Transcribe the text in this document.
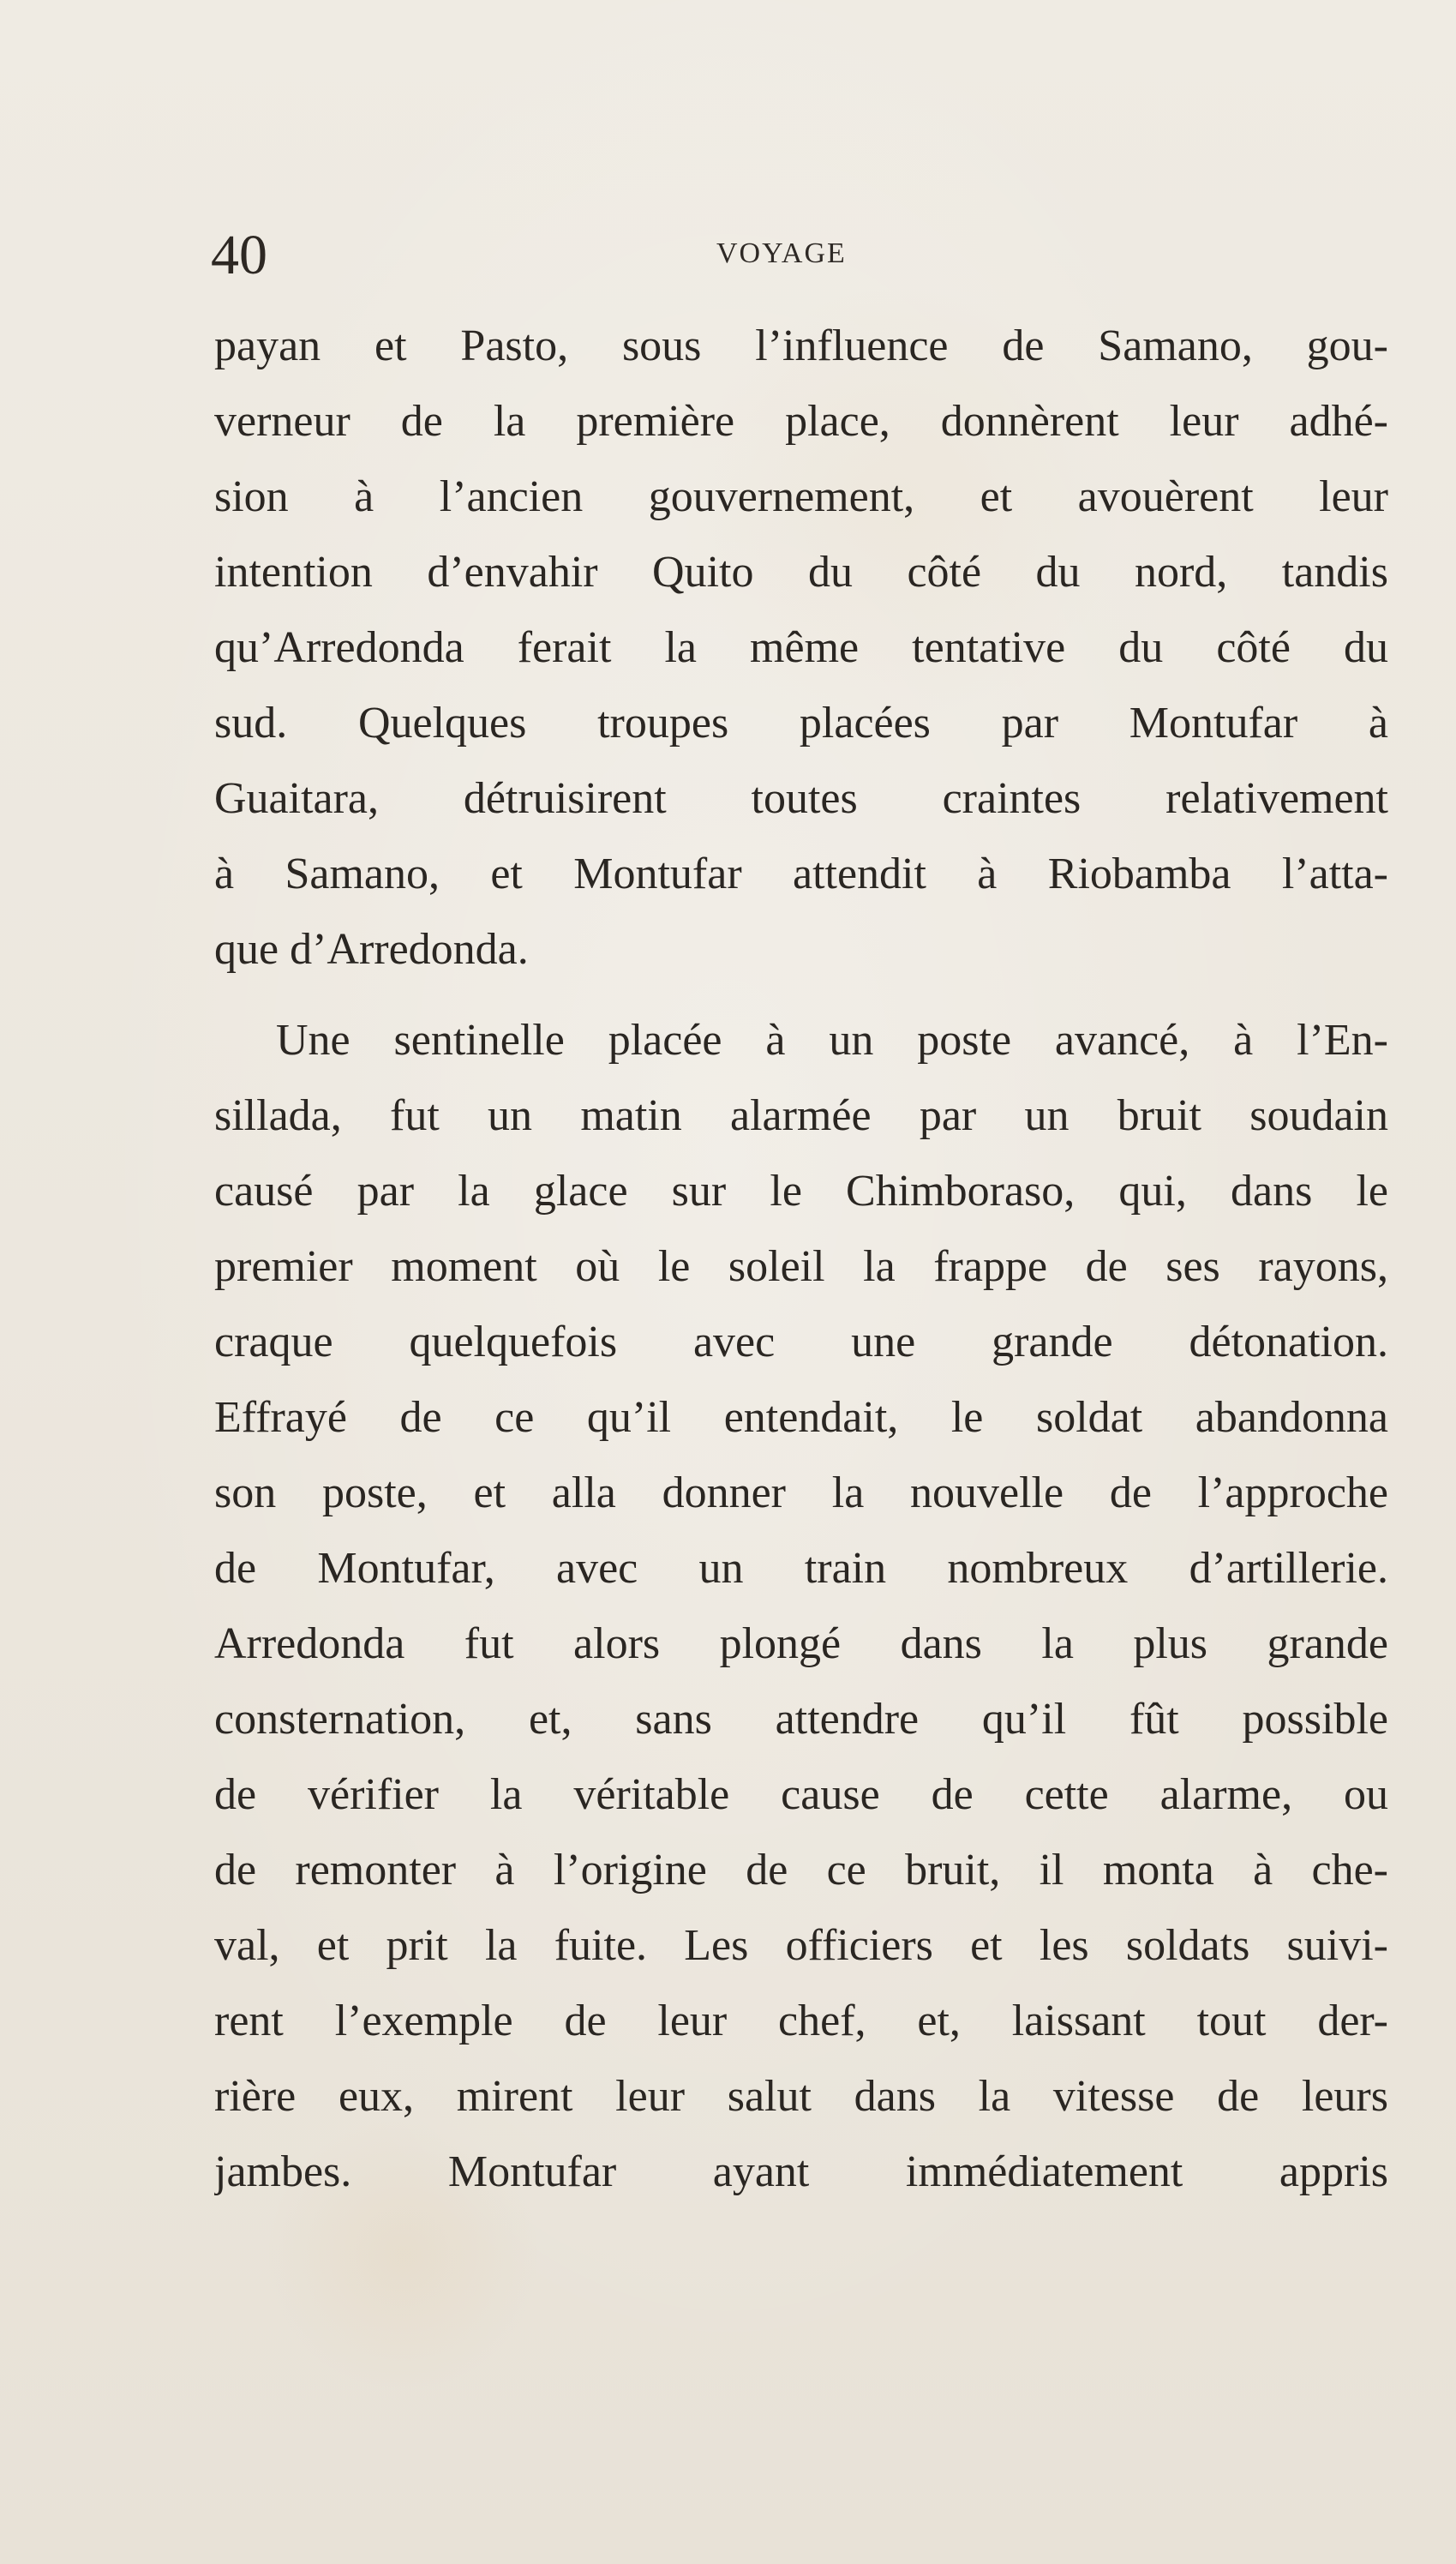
40	VOYAGE
payan et Pasto, sous l’influence de Samano, gou-
verneur de la première place, donnèrent leur adhé-
sion à l’ancien gouvernement, et avouèrent leur
intention d’envahir Quito du côté du nord, tandis
qu’Arredonda ferait la même tentative du côté du
sud. Quelques troupes placées par Montufar à
Guaitara, détruisirent toutes craintes relativement
à Samano, et Montufar attendit à Riobamba l’atta-
que d’Arredonda.
Une sentinelle placée à un poste avancé, à l’En-
sillada, fut un matin alarmée par un bruit soudain
causé par la glace sur le Chimboraso, qui, dans le
premier moment où le soleil la frappe de ses rayons,
craque quelquefois avec une grande détonation.
Effrayé de ce qu’il entendait, le soldat abandonna
son poste, et alla donner la nouvelle de l’approche
de Montufar, avec un train nombreux d’artillerie.
Arredonda fut alors plongé dans la plus grande
consternation, et, sans attendre qu’il fût possible
de vérifier la véritable cause de cette alarme, ou
de remonter à l’origine de ce bruit, il monta à che-
val, et prit la fuite. Les officiers et les soldats suivi-
rent l’exemple de leur chef, et, laissant tout der-
rière eux, mirent leur salut dans la vitesse de leurs
jambes. Montufar ayant immédiatement appris
